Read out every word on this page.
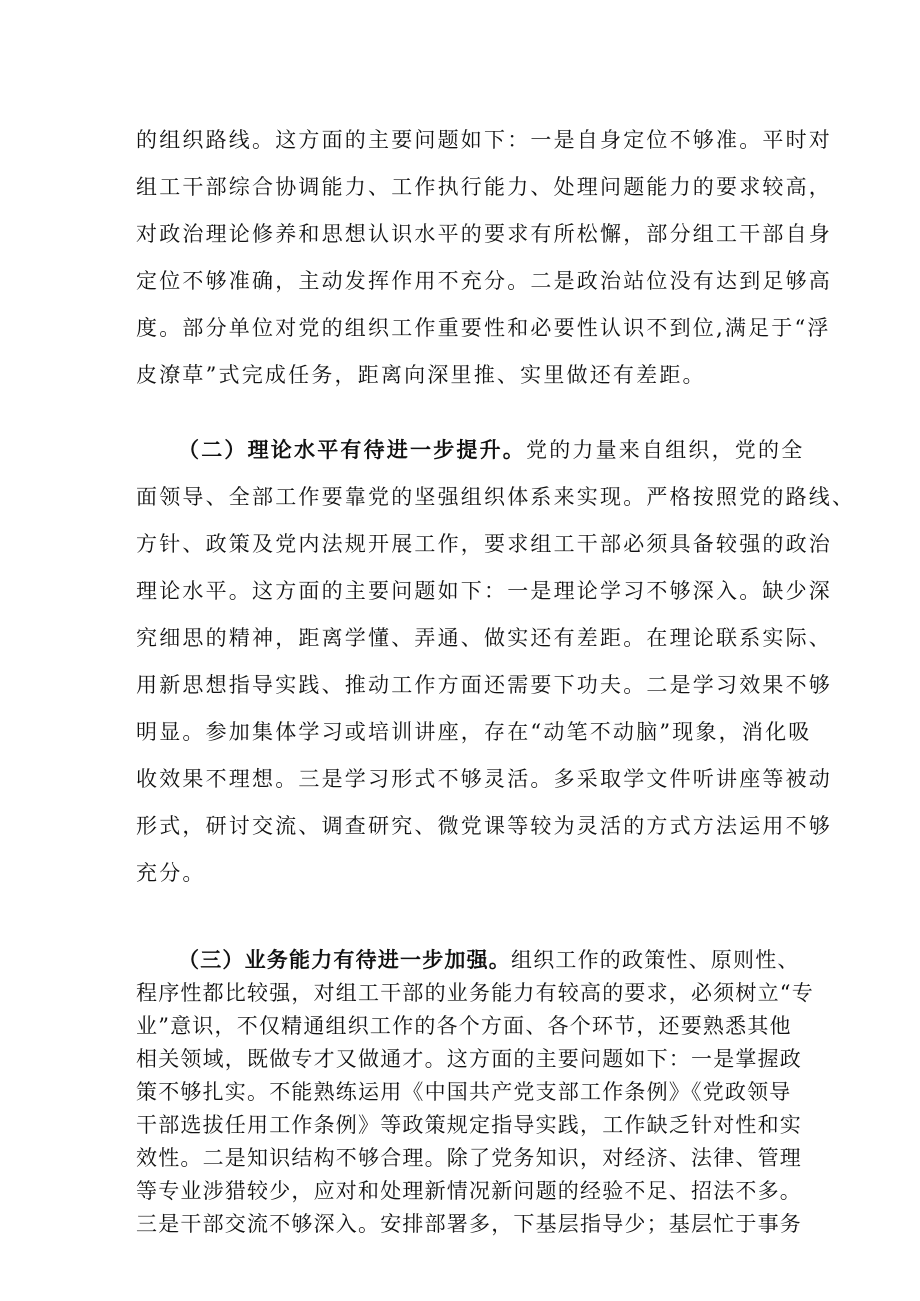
的组织路线。这方面的主要问题如下：一是自身定位不够准。平时对
组工干部综合协调能力、工作执行能力、处理问题能力的要求较高，
对政治理论修养和思想认识水平的要求有所松懈，部分组工干部自身
定位不够准确，主动发挥作用不充分。二是政治站位没有达到足够高
度。部分单位对党的组织工作重要性和必要性认识不到位,满足于“浮
皮潦草”式完成任务，距离向深里推、实里做还有差距。
（二）理论水平有待进一步提升。党的力量来自组织，党的全
面领导、全部工作要靠党的坚强组织体系来实现。严格按照党的路线、
方针、政策及党内法规开展工作，要求组工干部必须具备较强的政治
理论水平。这方面的主要问题如下：一是理论学习不够深入。缺少深
究细思的精神，距离学懂、弄通、做实还有差距。在理论联系实际、
用新思想指导实践、推动工作方面还需要下功夫。二是学习效果不够
明显。参加集体学习或培训讲座，存在“动笔不动脑”现象，消化吸
收效果不理想。三是学习形式不够灵活。多采取学文件听讲座等被动
形式，研讨交流、调查研究、微党课等较为灵活的方式方法运用不够
充分。
（三）业务能力有待进一步加强。组织工作的政策性、原则性、
程序性都比较强，对组工干部的业务能力有较高的要求，必须树立“专
业”意识，不仅精通组织工作的各个方面、各个环节，还要熟悉其他
相关领域，既做专才又做通才。这方面的主要问题如下：一是掌握政
策不够扎实。不能熟练运用《中国共产党支部工作条例》《党政领导
干部选拔任用工作条例》等政策规定指导实践，工作缺乏针对性和实
效性。二是知识结构不够合理。除了党务知识，对经济、法律、管理
等专业涉猎较少，应对和处理新情况新问题的经验不足、招法不多。
三是干部交流不够深入。安排部署多，下基层指导少；基层忙于事务
